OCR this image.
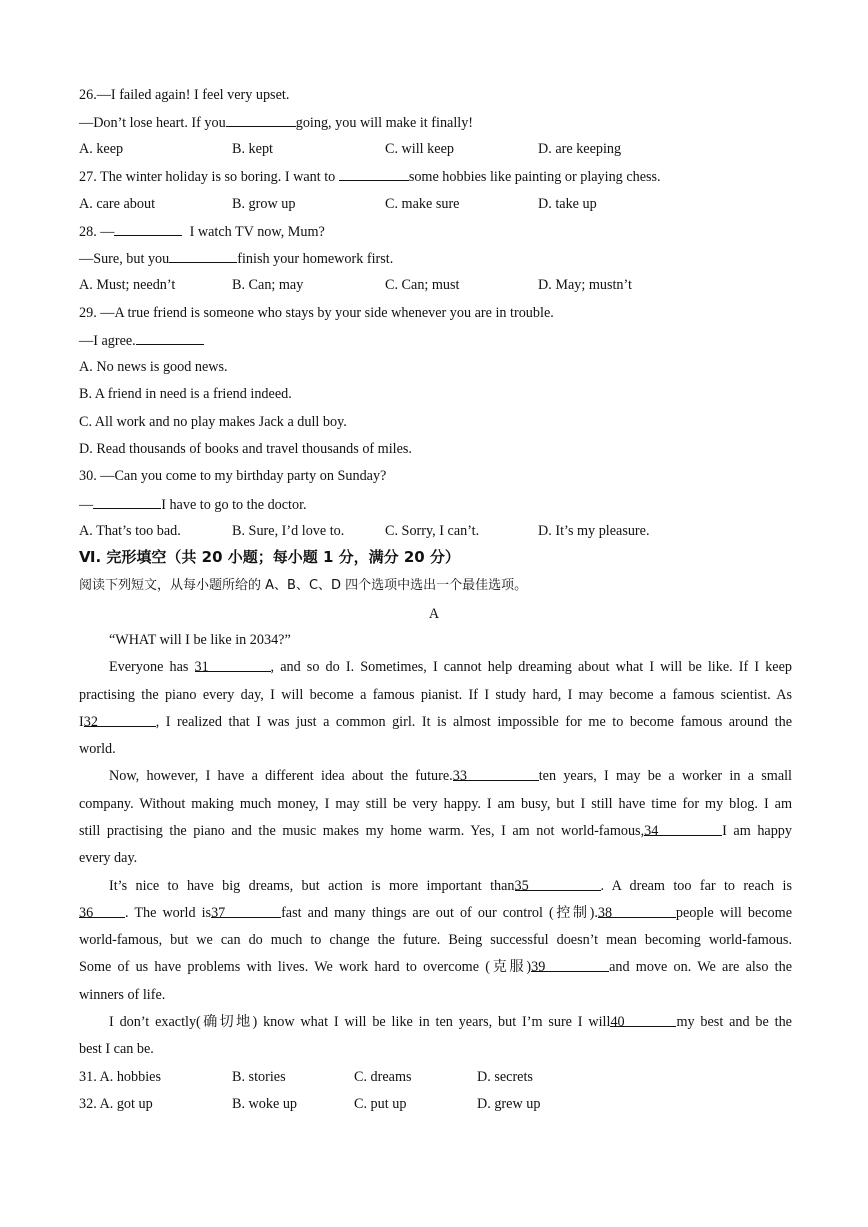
26.—I failed again! I feel very upset.
—Don’t lose heart. If you	going, you will make it finally!
A. keep	B. kept	C. will keep	D. are keeping
27. The winter holiday is so boring. I want to	some hobbies like painting or playing chess.
A. care about	B. grow up	C. make sure	D. take up
28. —	I watch TV now, Mum?
—Sure, but you	finish your homework first.
A. Must; needn’t	B. Can; may	C. Can; must	D. May; mustn’t
29. —A true friend is someone who stays by your side whenever you are in trouble.
—I agree.
A. No news is good news.
B. A friend in need is a friend indeed.
C. All work and no play makes Jack a dull boy.
D. Read thousands of books and travel thousands of miles.
30. —Can you come to my birthday party on Sunday?
—	I have to go to the doctor.
A. That’s too bad.	B. Sure, I’d love to.	C. Sorry, I can’t.	D. It’s my pleasure.
Ⅵ. 完形填空（共 20 小题；每小题 1 分，满分 20 分）
阅读下列短文，从每小题所给的 A、B、C、D 四个选项中选出一个最佳选项。
A
“WHAT will I be like in 2034?”
Everyone has 31	, and so do I. Sometimes, I cannot help dreaming about what I will be like. If I keep
practising the piano every day, I will become a famous pianist. If I study hard, I may become a famous scientist. As
I32	, I realized that I was just a common girl. It is almost impossible for me to become famous around the
world.
Now, however, I have a different idea about the future.33	ten years, I may be a worker in a small
company. Without making much money, I may still be very happy. I am busy, but I still have time for my blog. I am
still practising the piano and the music makes my home warm. Yes, I am not world-famous,34	I am happy
every day.
It’s nice to have big dreams, but action is more important than35	. A dream too far to reach is
36 . The world is37	fast and many things are out of our control (控制).38	people will become
world-famous, but we can do much to change the future. Being successful doesn’t mean becoming world-famous.
Some of us have problems with lives. We work hard to overcome (克服)39	and move on. We are also the
winners of life.
I don’t exactly(确切地) know what I will be like in ten years, but I’m sure I will40	my best and be the
best I can be.
31. A. hobbies	B. stories	C. dreams	D. secrets
32. A. got up	B. woke up	C. put up	D. grew up
